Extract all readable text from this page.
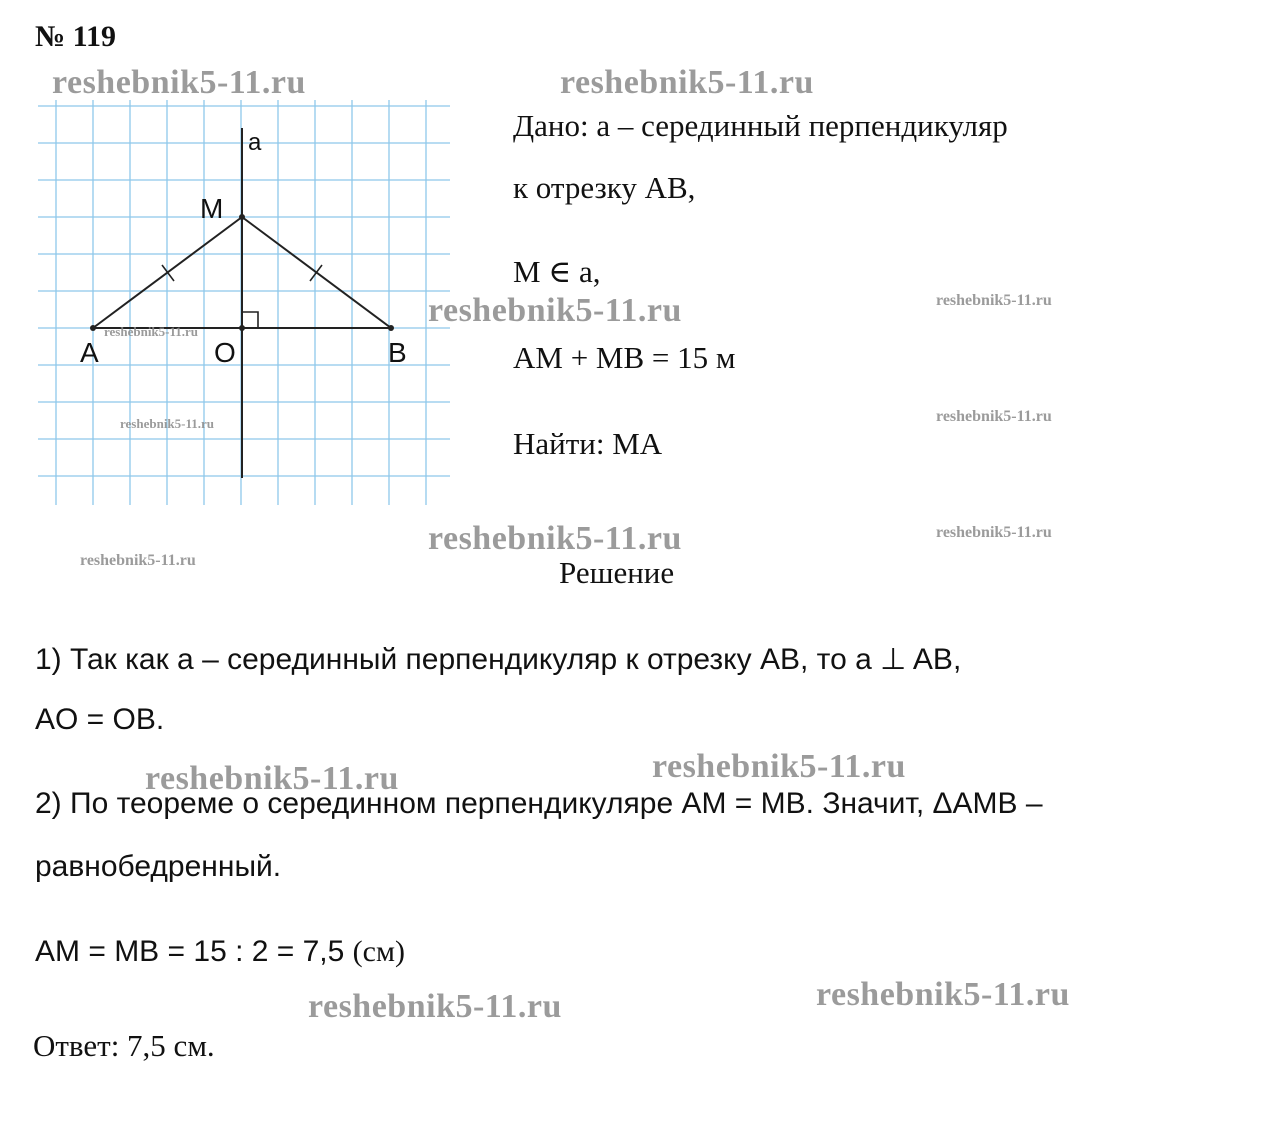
№ 119
a
M
A	O	B
Дано: a – серединный перпендикуляр
к отрезку AB,
M ∈ a,
AM + MB = 15 м
Найти: MA
Решение
1) Так как a – серединный перпендикуляр к отрезку AB, то a ⊥ AB,
AO = OB.
2) По теореме о серединном перпендикуляре AM = MB. Значит, ΔAMB –
равнобедренный.
AM = MB = 15 : 2 = 7,5 (см)
Ответ: 7,5 см.
reshebnik5-11.ru	reshebnik5-11.ru
reshebnik5-11.ru
reshebnik5-11.ru
reshebnik5-11.ru	reshebnik5-11.ru
reshebnik5-11.ru	reshebnik5-11.ru
reshebnik5-11.ru
reshebnik5-11.ru
reshebnik5-11.ru
reshebnik5-11.ru
reshebnik5-11.ru
reshebnik5-11.ru
